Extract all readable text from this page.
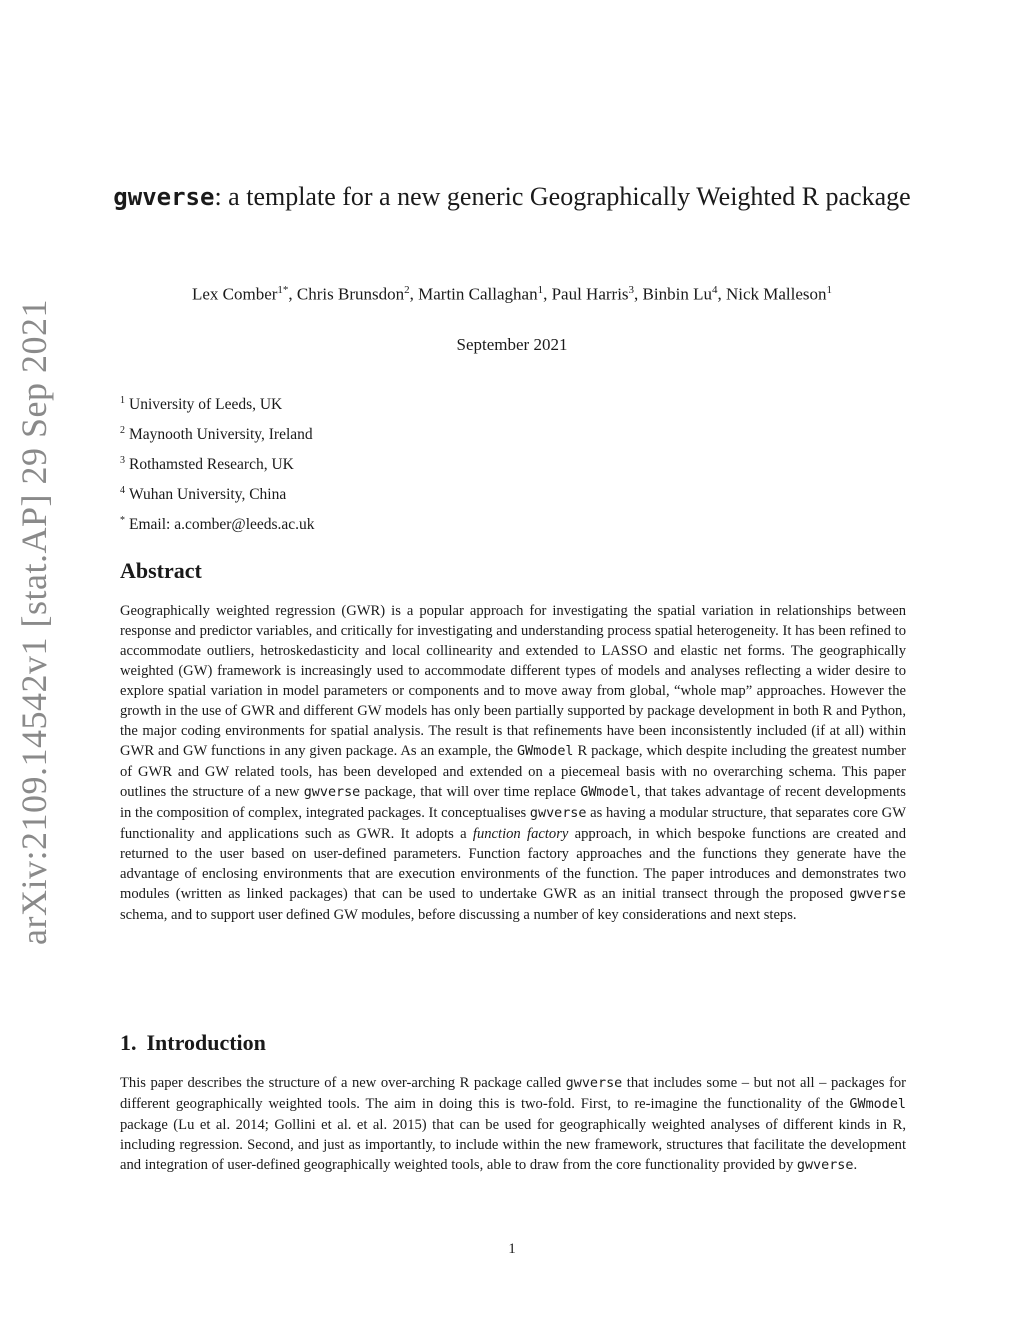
arXiv:2109.14542v1 [stat.AP] 29 Sep 2021
gwverse: a template for a new generic Geographically Weighted R package
Lex Comber$^{1*}$, Chris Brunsdon$^2$, Martin Callaghan$^1$, Paul Harris$^3$, Binbin Lu$^4$, Nick Malleson$^1$
September 2021
$^1$ University of Leeds, UK
$^2$ Maynooth University, Ireland
$^3$ Rothamsted Research, UK
$^4$ Wuhan University, China
* Email: a.comber@leeds.ac.uk
Abstract

Geographically weighted regression (GWR) is a popular approach for investigating the spatial variation in relationships between response and predictor variables, and critically for investigating and understanding process spatial heterogeneity. It has been refined to accommodate outliers, hetroskedasticity and local collinearity and extended to LASSO and elastic net forms. The geographically weighted (GW) framework is increasingly used to accommodate different types of models and analyses reflecting a wider desire to explore spatial variation in model parameters or components and to move away from global, “whole map” approaches. However the growth in the use of GWR and different GW models has only been partially supported by package development in both R and Python, the major coding environments for spatial analysis. The result is that refinements have been inconsistently included (if at all) within GWR and GW functions in any given package. As an example, the GWmodel R package, which despite including the greatest number of GWR and GW related tools, has been developed and extended on a piecemeal basis with no overarching schema. This paper outlines the structure of a new gwverse package, that will over time replace GWmodel, that takes advantage of recent developments in the composition of complex, integrated packages. It conceptualises gwverse as having a modular structure, that separates core GW functionality and applications such as GWR. It adopts a function factory approach, in which bespoke functions are created and returned to the user based on user-defined parameters. Function factory approaches and the functions they generate have the advantage of enclosing environments that are execution environments of the function. The paper introduces and demonstrates two modules (written as linked packages) that can be used to undertake GWR as an initial transect through the proposed gwverse schema, and to support user defined GW modules, before discussing a number of key considerations and next steps.

1. Introduction

This paper describes the structure of a new over-arching R package called gwverse that includes some – but not all – packages for different geographically weighted tools. The aim in doing this is two-fold. First, to re-imagine the functionality of the GWmodel package (Lu et al. 2014; Gollini et al. et al. 2015) that can be used for geographically weighted analyses of different kinds in R, including regression. Second, and just as importantly, to include within the new framework, structures that facilitate the development and integration of user-defined geographically weighted tools, able to draw from the core functionality provided by gwverse.

1
